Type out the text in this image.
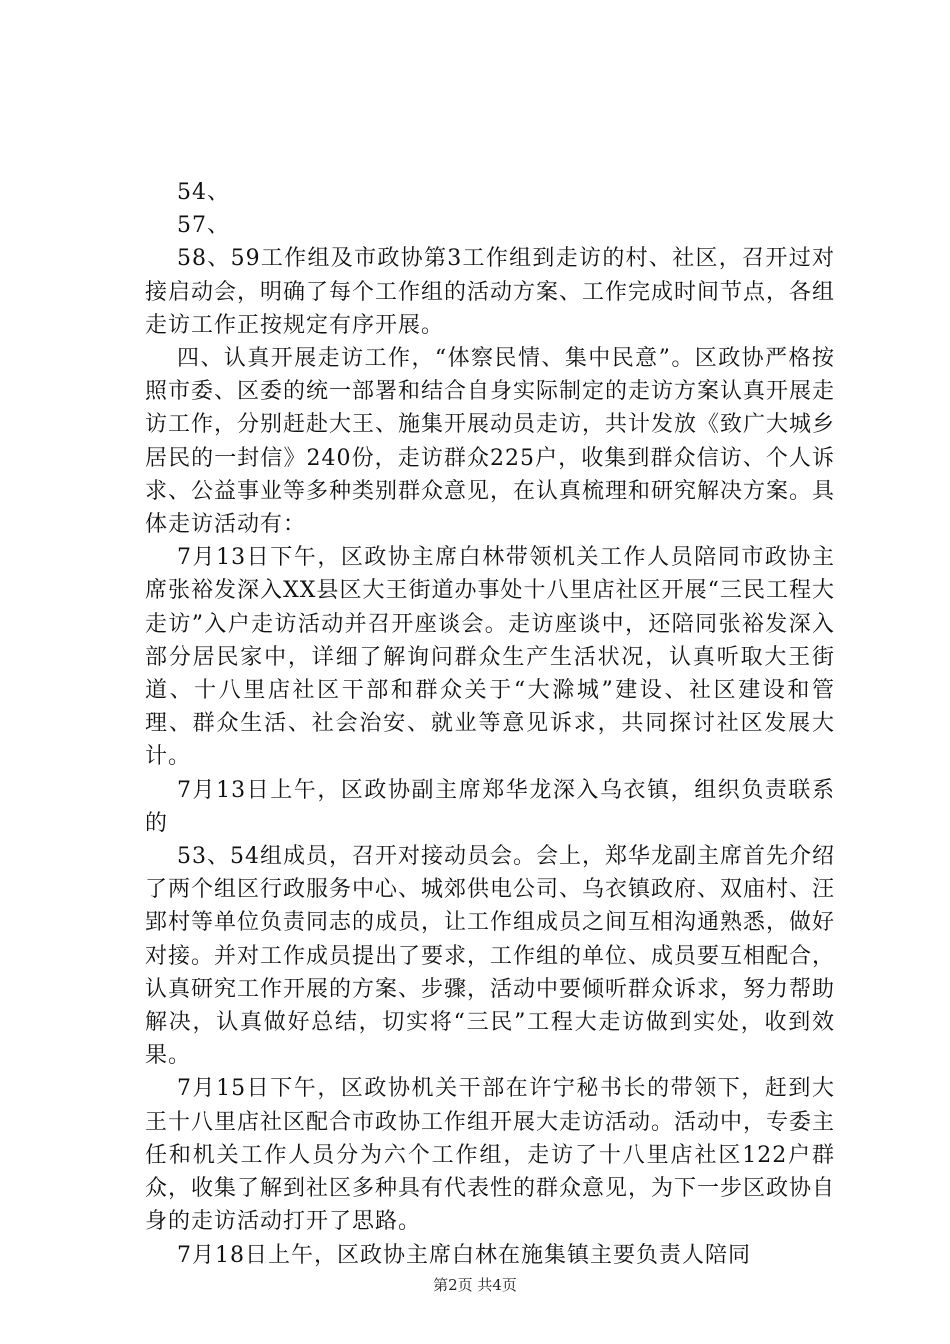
54、

57、

58、59工作组及市政协第3工作组到走访的村、社区，召开过对接启动会，明确了每个工作组的活动方案、工作完成时间节点，各组走访工作正按规定有序开展。

四、认真开展走访工作，“体察民情、集中民意”。区政协严格按照市委、区委的统一部署和结合自身实际制定的走访方案认真开展走访工作，分别赶赴大王、施集开展动员走访，共计发放《致广大城乡居民的一封信》240份，走访群众225户，收集到群众信访、个人诉求、公益事业等多种类别群众意见，在认真梳理和研究解决方案。具体走访活动有：

7月13日下午，区政协主席白林带领机关工作人员陪同市政协主席张裕发深入XX县区大王街道办事处十八里店社区开展“三民工程大走访”入户走访活动并召开座谈会。走访座谈中，还陪同张裕发深入部分居民家中，详细了解询问群众生产生活状况，认真听取大王街道、十八里店社区干部和群众关于“大滁城”建设、社区建设和管理、群众生活、社会治安、就业等意见诉求，共同探讨社区发展大计。

7月13日上午，区政协副主席郑华龙深入乌衣镇，组织负责联系的

53、54组成员，召开对接动员会。会上，郑华龙副主席首先介绍了两个组区行政服务中心、城郊供电公司、乌衣镇政府、双庙村、汪郢村等单位负责同志的成员，让工作组成员之间互相沟通熟悉，做好对接。并对工作成员提出了要求，工作组的单位、成员要互相配合，认真研究工作开展的方案、步骤，活动中要倾听群众诉求，努力帮助解决，认真做好总结，切实将“三民”工程大走访做到实处，收到效果。

7月15日下午，区政协机关干部在许宁秘书长的带领下，赶到大王十八里店社区配合市政协工作组开展大走访活动。活动中，专委主任和机关工作人员分为六个工作组，走访了十八里店社区122户群众，收集了解到社区多种具有代表性的群众意见，为下一步区政协自身的走访活动打开了思路。

7月18日上午，区政协主席白林在施集镇主要负责人陪同

第2页 共4页
